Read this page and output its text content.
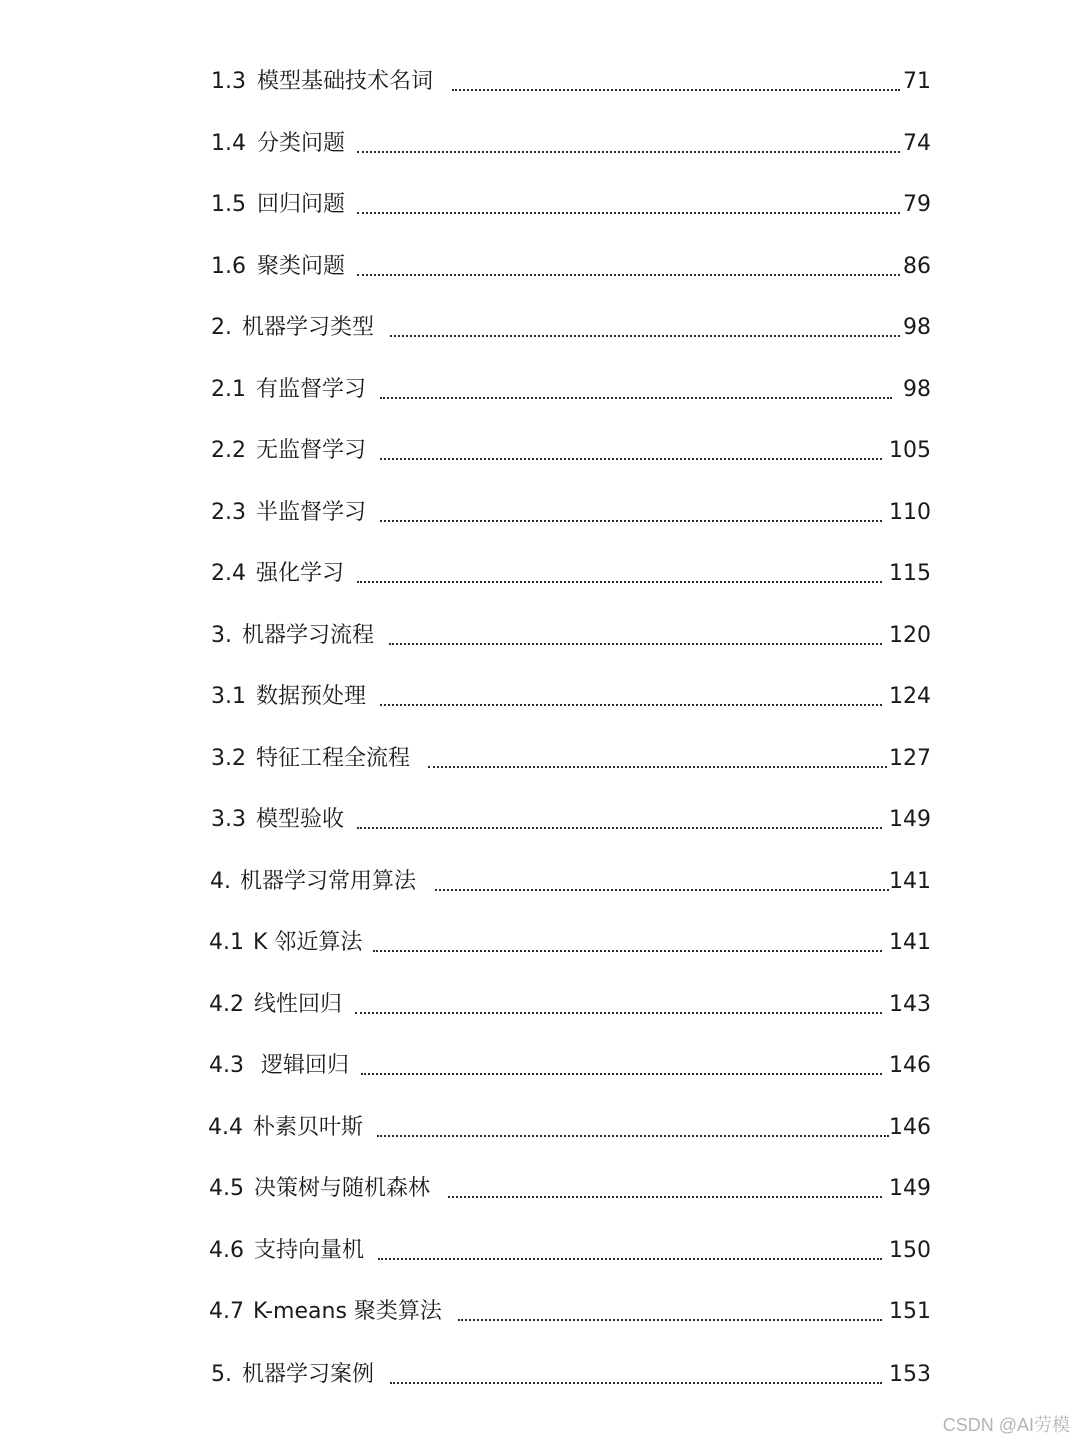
1.3 模型基础技术名词	71
1.4 分类问题	74
1.5 回归问题	79
1.6 聚类问题	86
2. 机器学习类型	98
2.1 有监督学习	98
2.2 无监督学习	105
2.3 半监督学习	110
2.4 强化学习	115
3. 机器学习流程	120
3.1 数据预处理	124
3.2 特征工程全流程	127
3.3 模型验收	149
4. 机器学习常用算法	141
4.1 K 邻近算法	141
4.2 线性回归	143
4.3 逻辑回归	146
4.4 朴素贝叶斯	146
4.5 决策树与随机森林	149
4.6 支持向量机	150
4.7 K-means 聚类算法	151
5. 机器学习案例	153
CSDN @AI劳模
